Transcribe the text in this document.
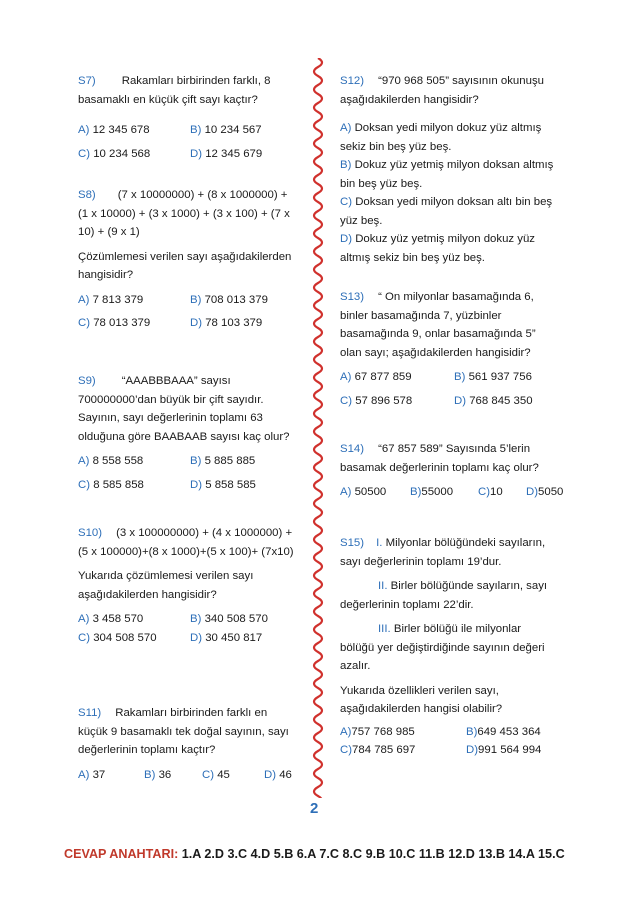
S7) Rakamları birbirinden farklı, 8

basamaklı en küçük çift sayı kaçtır?

A) 12 345 678	B) 10 234 567
C) 10 234 568	D) 12 345 679

S8) (7 x 10000000) + (8 x 1000000) +

(1 x 10000) + (3 x 1000) + (3 x 100) + (7 x

10) + (9 x 1)

Çözümlemesi verilen sayı aşağıdakilerden

hangisidir?

A) 7 813 379	B) 708 013 379
C) 78 013 379	D) 78 103 379

S9) “AAABBBAAA” sayısı

700000000’dan büyük bir çift sayıdır.

Sayının, sayı değerlerinin toplamı 63

olduğuna göre BAABAAB sayısı kaç olur?

A) 8 558 558	B) 5 885 885
C) 8 585 858	D) 5 858 585

S10) (3 x 100000000) + (4 x 1000000) +

(5 x 100000)+(8 x 1000)+(5 x 100)+ (7x10)

Yukarıda çözümlemesi verilen sayı

aşağıdakilerden hangisidir?

A) 3 458 570	B) 340 508 570
C) 304 508 570	D) 30 450 817

S11) Rakamları birbirinden farklı en

küçük 9 basamaklı tek doğal sayının, sayı

değerlerinin toplamı kaçtır?

A) 37	B) 36	C) 45	D) 46

S12) “970 968 505” sayısının okunuşu

aşağıdakilerden hangisidir?

A) Doksan yedi milyon dokuz yüz altmış

sekiz bin beş yüz beş.

B) Dokuz yüz yetmiş milyon doksan altmış

bin beş yüz beş.

C) Doksan yedi milyon doksan altı bin beş

yüz beş.

D) Dokuz yüz yetmiş milyon dokuz yüz

altmış sekiz bin beş yüz beş.

S13) “ On milyonlar basamağında 6,

binler basamağında 7, yüzbinler

basamağında 9, onlar basamağında 5”

olan sayı; aşağıdakilerden hangisidir?

A) 67 877 859	B) 561 937 756
C) 57 896 578	D) 768 845 350

S14) “67 857 589” Sayısında 5’lerin

basamak değerlerinin toplamı kaç olur?

A) 50500	B)55000	C)10	D)5050

S15) I. Milyonlar bölüğündeki sayıların,

sayı değerlerinin toplamı 19’dur.

II. Birler bölüğünde sayıların, sayı

değerlerinin toplamı 22’dir.

III. Birler bölüğü ile milyonlar

bölüğü yer değiştirdiğinde sayının değeri

azalır.

Yukarıda özellikleri verilen sayı,

aşağıdakilerden hangisi olabilir?

A)757 768 985	B)649 453 364
C)784 785 697	D)991 564 994
2
CEVAP ANAHTARI: 1.A 2.D 3.C 4.D 5.B 6.A 7.C 8.C 9.B 10.C 11.B 12.D 13.B 14.A 15.C
